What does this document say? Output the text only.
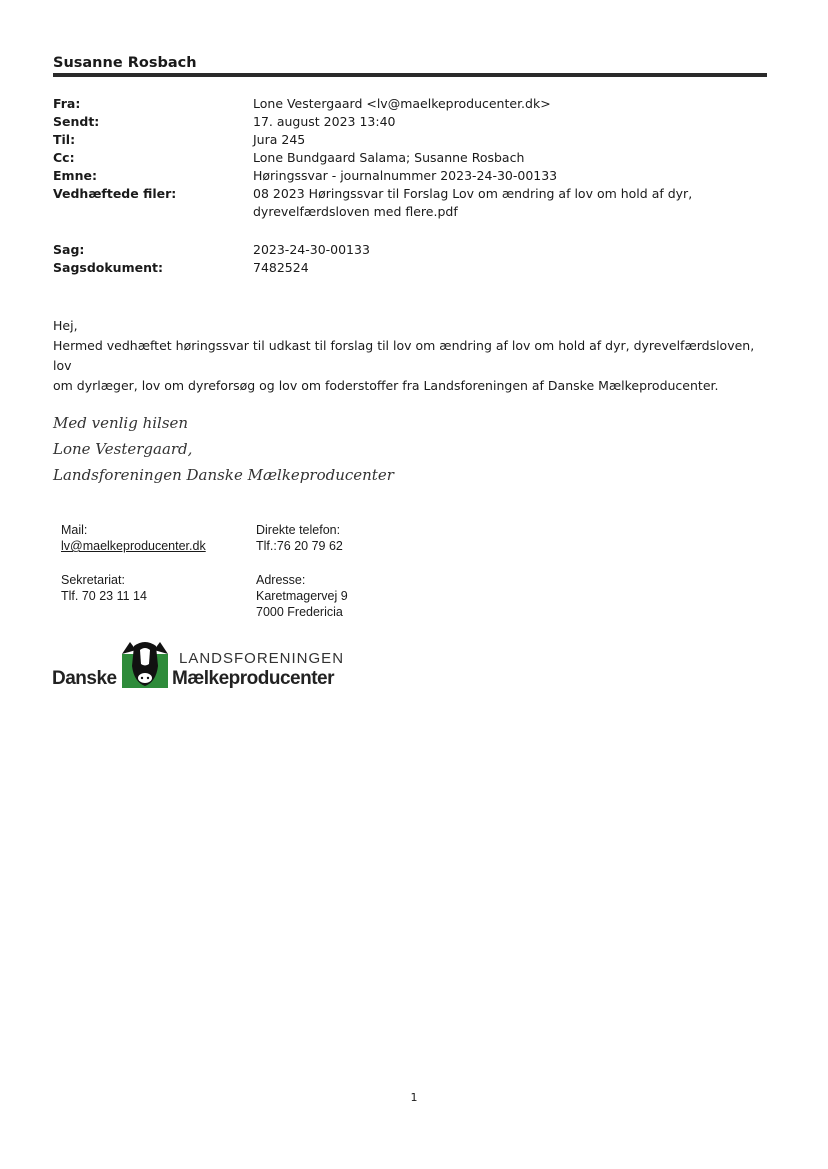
Susanne Rosbach
Fra:	Lone Vestergaard <lv@maelkeproducenter.dk>
Sendt:	17. august 2023 13:40
Til:	Jura 245
Cc:	Lone Bundgaard Salama; Susanne Rosbach
Emne:	Høringssvar - journalnummer 2023-24-30-00133
Vedhæftede filer:	08 2023 Høringssvar til Forslag Lov om ændring af lov om hold af dyr,
dyrevelfærdsloven med flere.pdf
Sag:	2023-24-30-00133
Sagsdokument:	7482524
Hej,
Hermed vedhæftet høringssvar til udkast til forslag til lov om ændring af lov om hold af dyr, dyrevelfærdsloven, lov
om dyrlæger, lov om dyreforsøg og lov om foderstoffer fra Landsforeningen af Danske Mælkeproducenter.
Med venlig hilsen
Lone Vestergaard,
Landsforeningen Danske Mælkeproducenter
Mail:
lv@maelkeproducenter.dk
Direkte telefon:
Tlf.:76 20 79 62
Sekretariat:
Tlf. 70 23 11 14
Adresse:
Karetmagervej 9
7000 Fredericia
LANDSFORENINGEN
Danske	Mælkeproducenter
1
